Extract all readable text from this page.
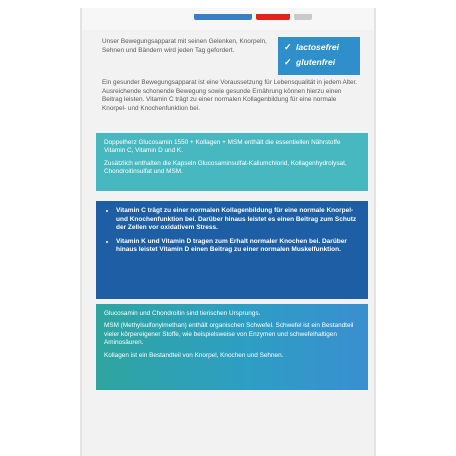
Unser Bewegungsapparat mit seinen Gelenken, Knorpeln, Sehnen und Bändern wird jeden Tag gefordert.	✓ lactosefrei
✓ glutenfrei

Ein gesunder Bewegungsapparat ist eine Voraussetzung für Lebensqualität in jedem Alter. Ausreichende schonende Bewegung sowie gesunde Ernährung können hierzu einen Beitrag leisten. Vitamin C trägt zu einer normalen Kollagenbildung für eine normale Knorpel- und Knochenfunktion bei.

Doppelherz Glucosamin 1550 + Kollagen + MSM enthält die essentiellen Nährstoffe Vitamin C, Vitamin D und K.

Zusätzlich enthalten die Kapseln Glucosaminsulfat-Kaliumchlorid, Kollagenhydrolysat, Chondroitinsulfat und MSM.

• Vitamin C trägt zu einer normalen Kollagenbildung für eine normale Knorpel- und Knochenfunktion bei. Darüber hinaus leistet es einen Beitrag zum Schutz der Zellen vor oxidativem Stress.
• Vitamin K und Vitamin D tragen zum Erhalt normaler Knochen bei. Darüber hinaus leistet Vitamin D einen Beitrag zu einer normalen Muskelfunktion.

Glucosamin und Chondroitin sind tierischen Ursprungs.

MSM (Methylsulfonylmethan) enthält organischen Schwefel. Schwefel ist ein Bestandteil vieler körpereigener Stoffe, wie beispielsweise von Enzymen und schwefelhaltigen Aminosäuren.

Kollagen ist ein Bestandteil von Knorpel, Knochen und Sehnen.
